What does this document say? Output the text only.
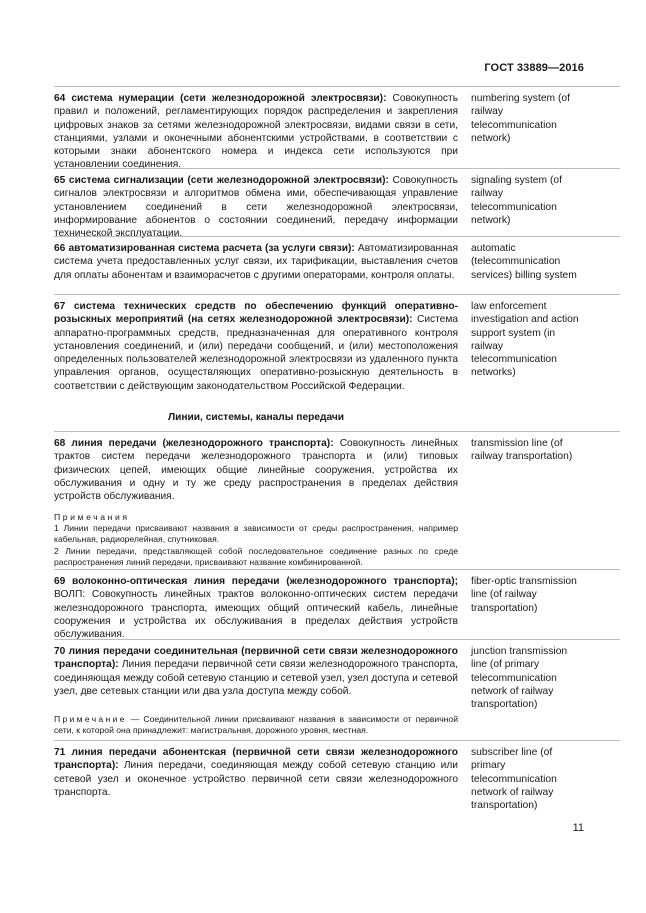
ГОСТ 33889—2016
64 система нумерации (сети железнодорожной электросвязи): Совокупность правил и положений, регламентирующих порядок распределения и закрепления цифровых знаков за сетями железнодорожной электросвязи, видами связи в сети, станциями, узлами и оконечными абонентскими устройствами, в соответствии с которыми знаки абонентского номера и индекса сети используются при установлении соединения.
numbering system (of railway telecommunication network)
65 система сигнализации (сети железнодорожной электросвязи): Совокупность сигналов электросвязи и алгоритмов обмена ими, обеспечивающая управление установлением соединений в сети железнодорожной электросвязи, информирование абонентов о состоянии соединений, передачу информации технической эксплуатации.
signaling system (of railway telecommunication network)
66 автоматизированная система расчета (за услуги связи): Автоматизированная система учета предоставленных услуг связи, их тарификации, выставления счетов для оплаты абонентам и взаиморасчетов с другими операторами, контроля оплаты.
automatic (telecommunication services) billing system
67 система технических средств по обеспечению функций оперативно-розыскных мероприятий (на сетях железнодорожной электросвязи): Система аппаратно-программных средств, предназначенная для оперативного контроля установления соединений, и (или) передачи сообщений, и (или) местоположения определенных пользователей железнодорожной электросвязи из удаленного пункта управления органов, осуществляющих оперативно-розыскную деятельность в соответствии с действующим законодательством Российской Федерации.
law enforcement investigation and action support system (in railway telecommunication networks)
Линии, системы, каналы передачи
68 линия передачи (железнодорожного транспорта): Совокупность линейных трактов систем передачи железнодорожного транспорта и (или) типовых физических цепей, имеющих общие линейные сооружения, устройства их обслуживания и одну и ту же среду распространения в пределах действия устройств обслуживания.
transmission line (of railway transportation)
Примечания
1 Линии передачи присваивают названия в зависимости от среды распространения, например кабельная, радиорелейная, спутниковая.
2 Линии передачи, представляющей собой последовательное соединение разных по среде распространения линий передачи, присваивают название комбинированной.
69 волоконно-оптическая линия передачи (железнодорожного транспорта); ВОЛП: Совокупность линейных трактов волоконно-оптических систем передачи железнодорожного транспорта, имеющих общий оптический кабель, линейные сооружения и устройства их обслуживания в пределах действия устройств обслуживания.
fiber-optic transmission line (of railway transportation)
70 линия передачи соединительная (первичной сети связи железнодорожного транспорта): Линия передачи первичной сети связи железнодорожного транспорта, соединяющая между собой сетевую станцию и сетевой узел, узел доступа и сетевой узел, две сетевых станции или два узла доступа между собой.
junction transmission line (of primary telecommunication network of railway transportation)
Примечание — Соединительной линии присваивают названия в зависимости от первичной сети, к которой она принадлежит: магистральная, дорожного уровня, местная.
71 линия передачи абонентская (первичной сети связи железнодорожного транспорта): Линия передачи, соединяющая между собой сетевую станцию или сетевой узел и оконечное устройство первичной сети связи железнодорожного транспорта.
subscriber line (of primary telecommunication network of railway transportation)
11
